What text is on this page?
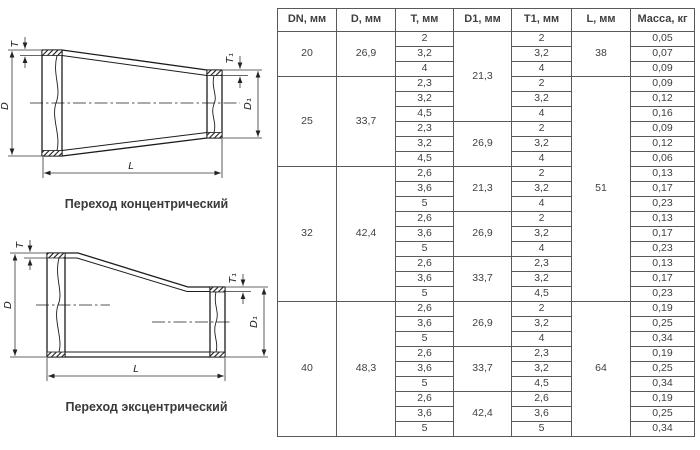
T
D
T₁
D₁
L
T
D
T₁
D₁
L
Переход концентрический
Переход эксцентрический
DN, мм	D, мм	T, мм	D1, мм	T1, мм	L, мм	Масса, кг
20	26,9	2	21,3	2	38	0,05
		3,2		3,2		0,07
		4		4		0,09
25	33,7	2,3		2	51	0,09
		3,2		3,2		0,12
		4,5		4		0,16
		2,3	26,9	2		0,09
		3,2		3,2		0,12
		4,5		4		0,06
32	42,4	2,6	21,3	2		0,13
		3,6		3,2		0,17
		5		4		0,23
		2,6	26,9	2		0,13
		3,6		3,2		0,17
		5		4		0,23
		2,6	33,7	2,3		0,13
		3,6		3,2		0,17
		5		4,5		0,23
40	48,3	2,6	26,9	2	64	0,19
		3,6		3,2		0,25
		5		4		0,34
		2,6	33,7	2,3		0,19
		3,6		3,2		0,25
		5		4,5		0,34
		2,6	42,4	2,6		0,19
		3,6		3,6		0,25
		5		5		0,34
